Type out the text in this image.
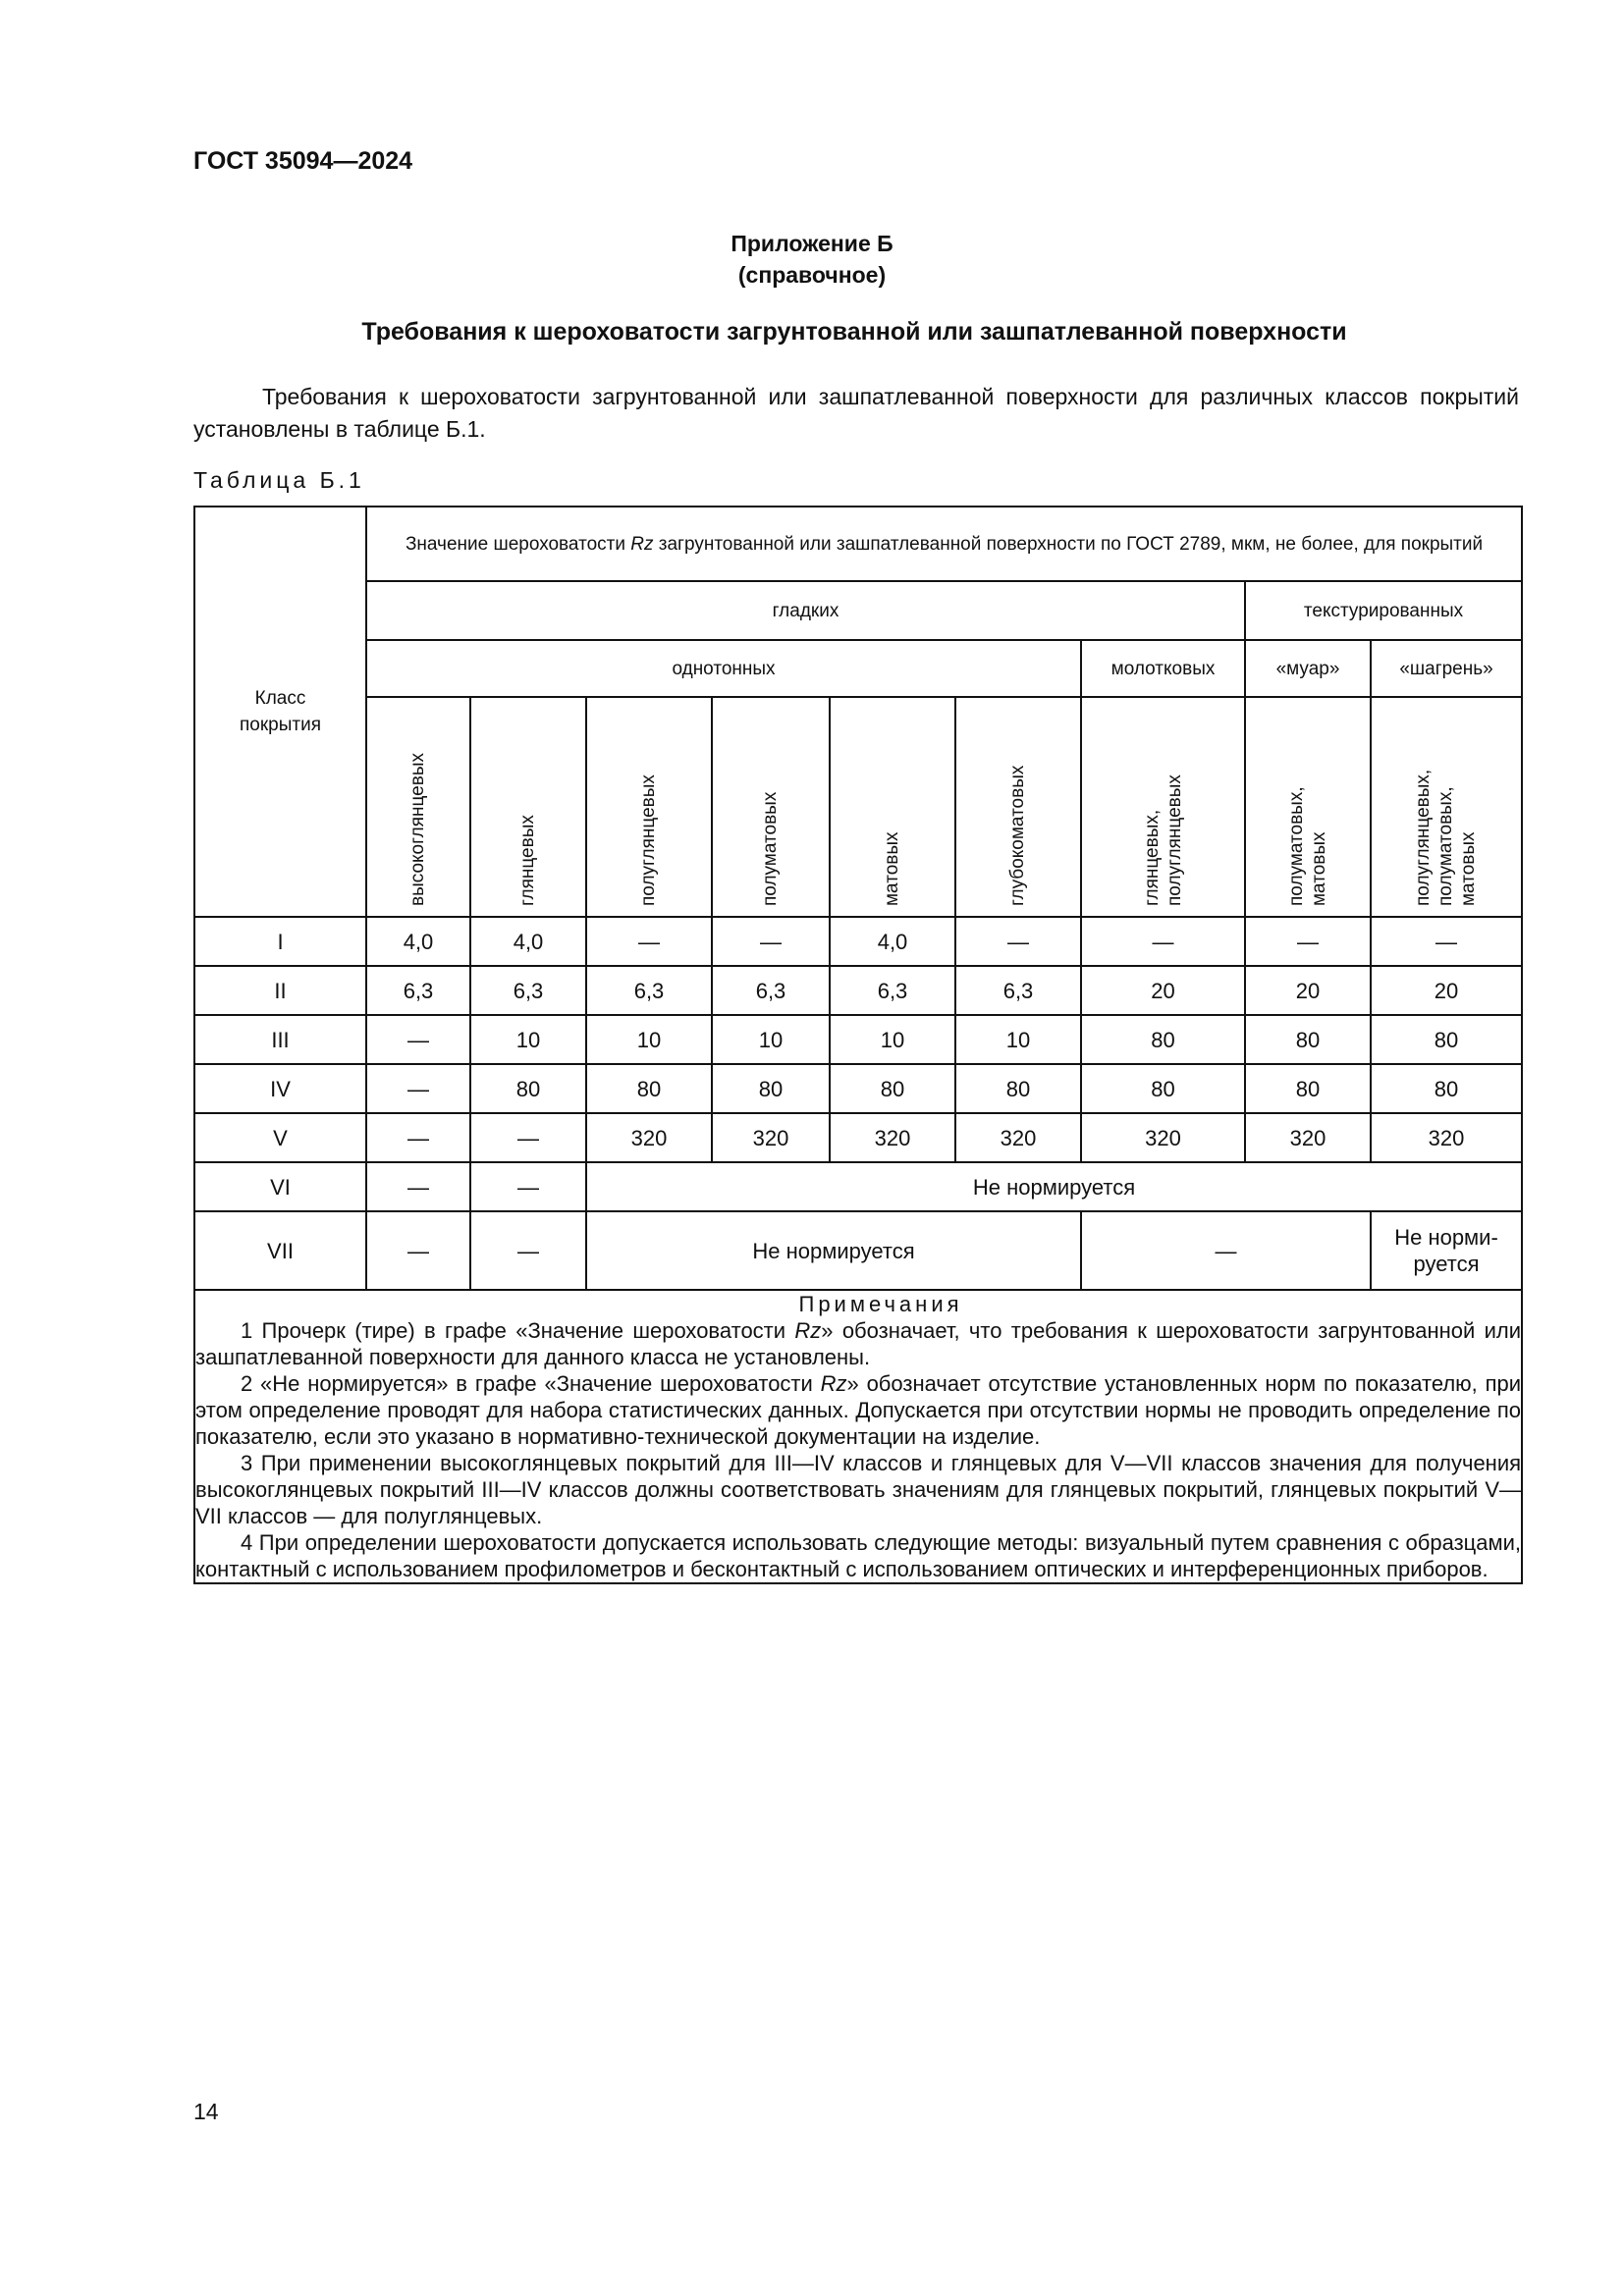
ГОСТ 35094—2024
Приложение Б
(справочное)
Требования к шероховатости загрунтованной или зашпатлеванной поверхности
Требования к шероховатости загрунтованной или зашпатлеванной поверхности для различных классов покрытий установлены в таблице Б.1.
Таблица Б.1
Класс покрытия	Значение шероховатости Rz загрунтованной или зашпатлеванной поверхности по ГОСТ 2789, мкм, не более, для покрытий								
	гладких							текстурированных	
	однотонных						молотковых	«муар»	«шагрень»

	высокоглянцевых	глянцевых	полуглянцевых	полуматовых	матовых	глубокоматовых	глянцевых, полуглянцевых	полуматовых, матовых	полуглянцевых, полуматовых, матовых

I	4,0	4,0	—	—	4,0	—	—	—	—
II	6,3	6,3	6,3	6,3	6,3	6,3	20	20	20
III	—	10	10	10	10	10	80	80	80
IV	—	80	80	80	80	80	80	80	80
V	—	—	320	320	320	320	320	320	320
VI	—	—	Не нормируется						
VII	—	—	Не нормируется				—		Не норми-руется

Примечания
1 Прочерк (тире) в графе «Значение шероховатости Rz» обозначает, что требования к шероховатости загрунтованной или зашпатлеванной поверхности для данного класса не установлены.
2 «Не нормируется» в графе «Значение шероховатости Rz» обозначает отсутствие установленных норм по показателю, при этом определение проводят для набора статистических данных. Допускается при отсутствии нормы не проводить определение по показателю, если это указано в нормативно-технической документации на изделие.
3 При применении высокоглянцевых покрытий для III—IV классов и глянцевых для V—VII классов значения для получения высокоглянцевых покрытий III—IV классов должны соответствовать значениям для глянцевых покрытий, глянцевых покрытий V—VII классов — для полуглянцевых.
4 При определении шероховатости допускается использовать следующие методы: визуальный путем сравнения с образцами, контактный с использованием профилометров и бесконтактный с использованием оптических и интерференционных приборов.									
14
